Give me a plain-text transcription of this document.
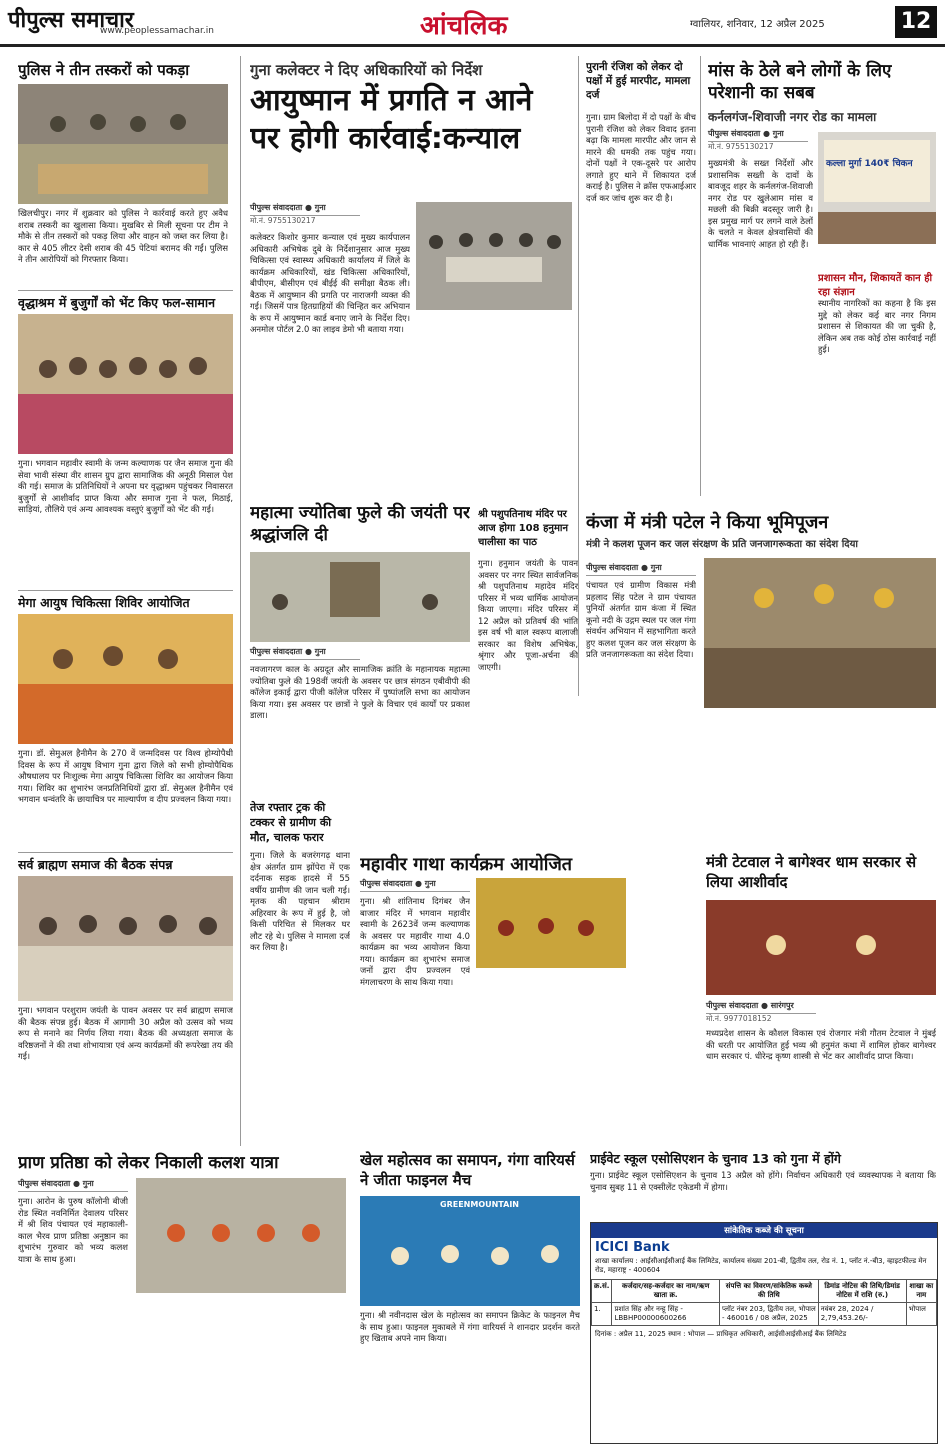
पीपुल्स समाचार
www.peoplessamachar.in	आंचलिक	ग्वालियर, शनिवार, 12 अप्रैल 2025	12
पुलिस ने तीन तस्करों को पकड़ा
खिलचीपुर। नगर में शुक्रवार को पुलिस ने कार्रवाई करते हुए अवैध शराब तस्करी का खुलासा किया। मुखबिर से मिली सूचना पर टीम ने मौके से तीन तस्करों को पकड़ लिया और वाहन को जब्त कर लिया है। कार से 405 लीटर देसी शराब की 45 पेटियां बरामद की गईं। पुलिस ने तीन आरोपियों को गिरफ्तार किया।
वृद्धाश्रम में बुजुर्गों को भेंट किए फल-सामान
गुना। भगवान महावीर स्वामी के जन्म कल्याणक पर जैन समाज गुना की सेवा भावी संस्था वीर शासन ग्रुप द्वारा सामाजिक की अनूठी मिसाल पेश की गई। समाज के प्रतिनिधियों ने अपना घर वृद्धाश्रम पहुंचकर निवासरत बुजुर्गों से आशीर्वाद प्राप्त किया और समाज गुना ने फल, मिठाई, साड़ियां, तौलिये एवं अन्य आवश्यक वस्तुएं बुजुर्गों को भेंट की गई।
मेगा आयुष चिकित्सा शिविर आयोजित
गुना। डॉ. सेमुअल हैनीमैन के 270 वें जन्मदिवस पर विश्व होम्योपैथी दिवस के रूप में आयुष विभाग गुना द्वारा जिले को सभी होम्योपैथिक औषधालय पर निःशुल्क मेगा आयुष चिकित्सा शिविर का आयोजन किया गया। शिविर का शुभारंभ जनप्रतिनिधियों द्वारा डॉ. सेमुअल हैनीमैन एवं भगवान धन्वंतरि के छायाचित्र पर माल्यार्पण व दीप प्रज्वलन किया गया।
सर्व ब्राह्मण समाज की बैठक संपन्न
गुना। भगवान परशुराम जयंती के पावन अवसर पर सर्व ब्राह्मण समाज की बैठक संपन्न हुई। बैठक में आगामी 30 अप्रैल को उत्सव को भव्य रूप से मनाने का निर्णय लिया गया। बैठक की अध्यक्षता समाज के वरिष्ठजनों ने की तथा शोभायात्रा एवं अन्य कार्यक्रमों की रूपरेखा तय की गई।
गुना कलेक्टर ने दिए अधिकारियों को निर्देश
आयुष्मान में प्रगति न आने पर होगी कार्रवाई:कन्याल
पीपुल्स संवाददाता ● गुना
मो.नं. 9755130217
कलेक्टर किशोर कुमार कन्याल एवं मुख्य कार्यपालन अधिकारी अभिषेक दुबे के निर्देशानुसार आज मुख्य चिकित्सा एवं स्वास्थ्य अधिकारी कार्यालय में जिले के कार्यक्रम अधिकारियों, खंड चिकित्सा अधिकारियों, बीपीएम, बीसीएम एवं बीईई की समीक्षा बैठक ली। बैठक में आयुष्मान की प्रगति पर नाराजगी व्यक्त की गई। जिसमें पात्र हितग्राहियों की चिन्हित कर अभियान के रूप में आयुष्मान कार्ड बनाए जाने के निर्देश दिए। अनमोल पोर्टल 2.0 का लाइव डेमो भी बताया गया।
पुरानी रंजिश को लेकर दो पक्षों में हुई मारपीट, मामला दर्ज
गुना। ग्राम बिलोदा में दो पक्षों के बीच पुरानी रंजिश को लेकर विवाद इतना बढ़ा कि मामला मारपीट और जान से मारने की धमकी तक पहुंच गया। दोनों पक्षों ने एक-दूसरे पर आरोप लगाते हुए थाने में शिकायत दर्ज कराई है। पुलिस ने क्रॉस एफआईआर दर्ज कर जांच शुरू कर दी है।
मांस के ठेले बने लोगों के लिए परेशानी का सबब
कर्नलगंज-शिवाजी नगर रोड का मामला
पीपुल्स संवाददाता ● गुना
मो.नं. 9755130217
कल्ला मुर्गा 140₹ चिकन
मुख्यमंत्री के सख्त निर्देशों और प्रशासनिक सख्ती के दावों के बावजूद शहर के कर्नलगंज-शिवाजी नगर रोड पर खुलेआम मांस व मछली की बिक्री बदस्तूर जारी है। इस प्रमुख मार्ग पर लगने वाले ठेलों के चलते न केवल क्षेत्रवासियों की धार्मिक भावनाएं आहत हो रही हैं।
प्रशासन मौन, शिकायतें कान ही रहा संज्ञान
स्थानीय नागरिकों का कहना है कि इस मुद्दे को लेकर कई बार नगर निगम प्रशासन से शिकायत की जा चुकी है, लेकिन अब तक कोई ठोस कार्रवाई नहीं हुई।
महात्मा ज्योतिबा फुले की जयंती पर श्रद्धांजलि दी
पीपुल्स संवाददाता ● गुना
नवजागरण काल के अग्रदूत और सामाजिक क्रांति के महानायक महात्मा ज्योतिबा फुले की 198वीं जयंती के अवसर पर छात्र संगठन एबीवीपी की कॉलेज इकाई द्वारा पीजी कॉलेज परिसर में पुष्पांजलि सभा का आयोजन किया गया। इस अवसर पर छात्रों ने फुले के विचार एवं कार्यों पर प्रकाश डाला।
श्री पशुपतिनाथ मंदिर पर आज होगा 108 हनुमान चालीसा का पाठ
गुना। हनुमान जयंती के पावन अवसर पर नगर स्थित सार्वजनिक श्री पशुपतिनाथ महादेव मंदिर परिसर में भव्य धार्मिक आयोजन किया जाएगा। मंदिर परिसर में 12 अप्रैल को प्रतिवर्ष की भांति इस वर्ष भी बाल स्वरूप बालाजी सरकार का विशेष अभिषेक, श्रृंगार और पूजा-अर्चना की जाएगी।
तेज रफ्तार ट्रक की टक्कर से ग्रामीण की मौत, चालक फरार
गुना। जिले के बजरंगगढ़ थाना क्षेत्र अंतर्गत ग्राम झोंपेरा में एक दर्दनाक सड़क हादसे में 55 वर्षीय ग्रामीण की जान चली गई। मृतक की पहचान श्रीराम अहिरवार के रूप में हुई है, जो किसी परिचित से मिलकर घर लौट रहे थे। पुलिस ने मामला दर्ज कर लिया है।
कंजा में मंत्री पटेल ने किया भूमिपूजन
मंत्री ने कलश पूजन कर जल संरक्षण के प्रति जनजागरूकता का संदेश दिया
पीपुल्स संवाददाता ● गुना
पंचायत एवं ग्रामीण विकास मंत्री प्रहलाद सिंह पटेल ने ग्राम पंचायत पुनियों अंतर्गत ग्राम कंजा में स्थित कूनो नदी के उद्गम स्थल पर जल गंगा संवर्धन अभियान में सहभागिता करते हुए कलश पूजन कर जल संरक्षण के प्रति जनजागरूकता का संदेश दिया।
महावीर गाथा कार्यक्रम आयोजित
पीपुल्स संवाददाता ● गुना
गुना। श्री शांतिनाथ दिगंबर जैन बाजार मंदिर में भगवान महावीर स्वामी के 2623वें जन्म कल्याणक के अवसर पर महावीर गाथा 4.0 कार्यक्रम का भव्य आयोजन किया गया। कार्यक्रम का शुभारंभ समाज जनों द्वारा दीप प्रज्वलन एवं मंगलाचरण के साथ किया गया।
मंत्री टेटवाल ने बागेश्वर धाम सरकार से लिया आशीर्वाद
पीपुल्स संवाददाता ● सारंगपुर
मो.नं. 9977018152
मध्यप्रदेश शासन के कौशल विकास एवं रोजगार मंत्री गौतम टेटवाल ने मुंबई की धरती पर आयोजित हुई भव्य श्री हनुमंत कथा में शामिल होकर बागेश्वर धाम सरकार पं. धीरेन्द्र कृष्ण शास्त्री से भेंट कर आशीर्वाद प्राप्त किया।
प्राण प्रतिष्ठा को लेकर निकाली कलश यात्रा
पीपुल्स संवाददाता ● गुना
गुना। आरोन के पुरुष कॉलोनी बीजी रोड स्थित नवनिर्मित देवालय परिसर में श्री शिव पंचायत एवं महाकाली-काल भैरव प्राण प्रतिष्ठा अनुष्ठान का शुभारंभ गुरुवार को भव्य कलश यात्रा के साथ हुआ।
खेल महोत्सव का समापन, गंगा वारियर्स ने जीता फाइनल मैच
GREENMOUNTAIN
गुना। श्री नवीनदास खेल के महोत्सव का समापन क्रिकेट के फाइनल मैच के साथ हुआ। फाइनल मुकाबले में गंगा वारियर्स ने शानदार प्रदर्शन करते हुए खिताब अपने नाम किया।
प्राईवेट स्कूल एसोसिएशन के चुनाव 13 को गुना में होंगे
गुना। प्राईवेट स्कूल एसोसिएशन के चुनाव 13 अप्रैल को होंगे। निर्वाचन अधिकारी एवं व्यवस्थापक ने बताया कि चुनाव सुबह 11 से एक्सीलेंट एकेडमी में होगा।
सांकेतिक कब्जे की सूचना
ICICI Bank
शाखा कार्यालय : आईसीआईसीआई बैंक लिमिटेड, कार्यालय संख्या 201-बी, द्वितीय तल, रोड नं. 1, प्लॉट नं.-बी3, व्हाइटफील्ड मेन रोड, महाराष्ट्र - 400604
क्र.सं.	कर्जदार/सह-कर्जदार का नाम/ऋण खाता क्र.	संपत्ति का विवरण/सांकेतिक कब्जे की तिथि	डिमांड नोटिस की तिथि/डिमांड नोटिस में राशि (रु.)	शाखा का नाम
1.	प्रशांत सिंह और नन्हू सिंह - LBBHP00000600266	प्लॉट नंबर 203, द्वितीय तल, भोपाल - 460016 / 08 अप्रैल, 2025	नवंबर 28, 2024 / 2,79,453.26/-	भोपाल
दिनांक : अप्रैल 11, 2025 स्थान : भोपाल — प्राधिकृत अधिकारी, आईसीआईसीआई बैंक लिमिटेड
